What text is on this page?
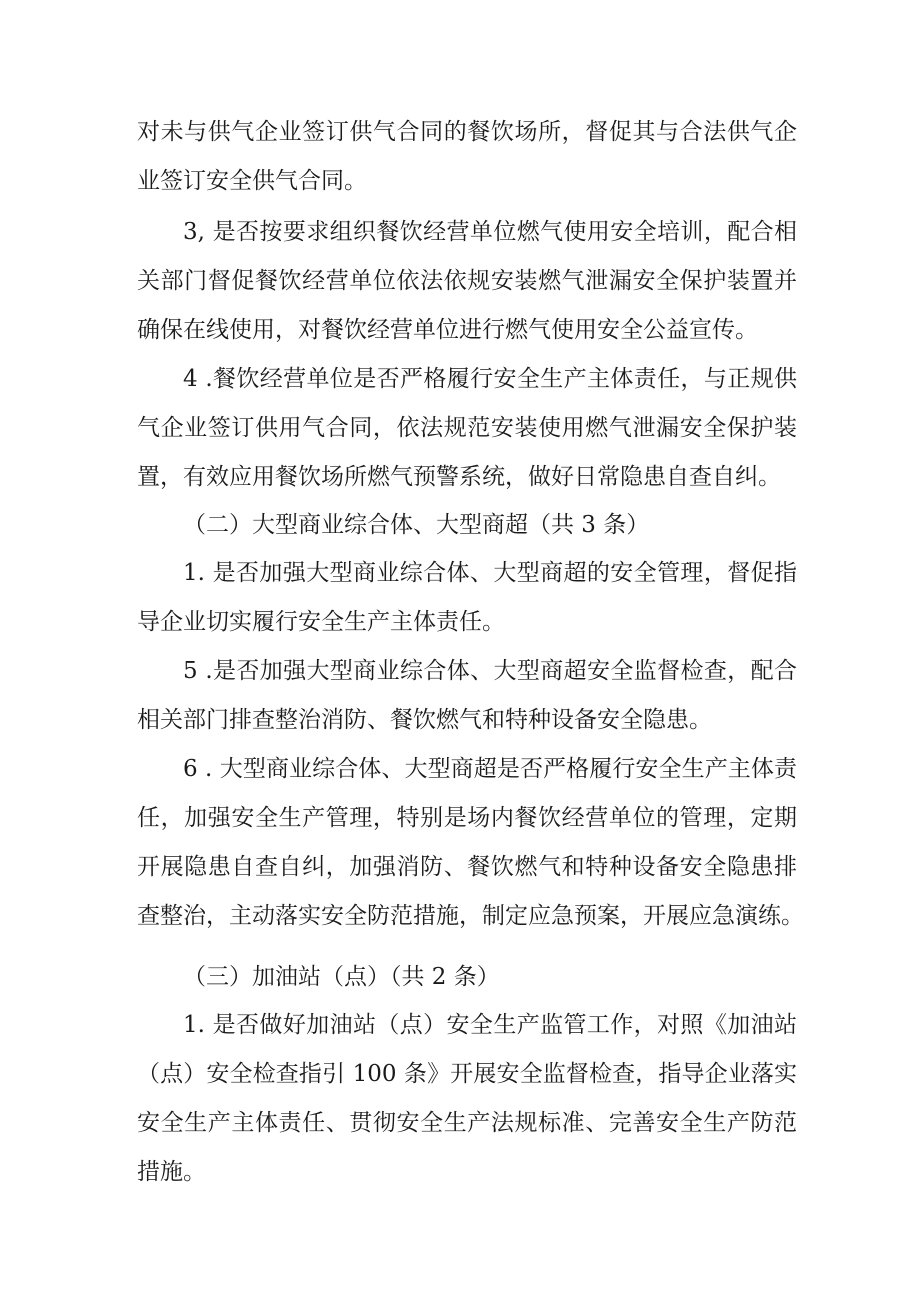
对未与供气企业签订供气合同的餐饮场所，督促其与合法供气企
业签订安全供气合同。
3, 是否按要求组织餐饮经营单位燃气使用安全培训，配合相
关部门督促餐饮经营单位依法依规安装燃气泄漏安全保护装置并
确保在线使用，对餐饮经营单位进行燃气使用安全公益宣传。
4 .餐饮经营单位是否严格履行安全生产主体责任，与正规供
气企业签订供用气合同，依法规范安装使用燃气泄漏安全保护装
置，有效应用餐饮场所燃气预警系统，做好日常隐患自查自纠。
（二）大型商业综合体、大型商超（共 3 条）
1. 是否加强大型商业综合体、大型商超的安全管理，督促指
导企业切实履行安全生产主体责任。
5 .是否加强大型商业综合体、大型商超安全监督检查，配合
相关部门排查整治消防、餐饮燃气和特种设备安全隐患。
6 . 大型商业综合体、大型商超是否严格履行安全生产主体责
任，加强安全生产管理，特别是场内餐饮经营单位的管理，定期
开展隐患自查自纠，加强消防、餐饮燃气和特种设备安全隐患排
查整治，主动落实安全防范措施，制定应急预案，开展应急演练。
（三）加油站（点）（共 2 条）
1. 是否做好加油站（点）安全生产监管工作，对照《加油站
（点）安全检查指引 100 条》开展安全监督检查，指导企业落实
安全生产主体责任、贯彻安全生产法规标准、完善安全生产防范
措施。
